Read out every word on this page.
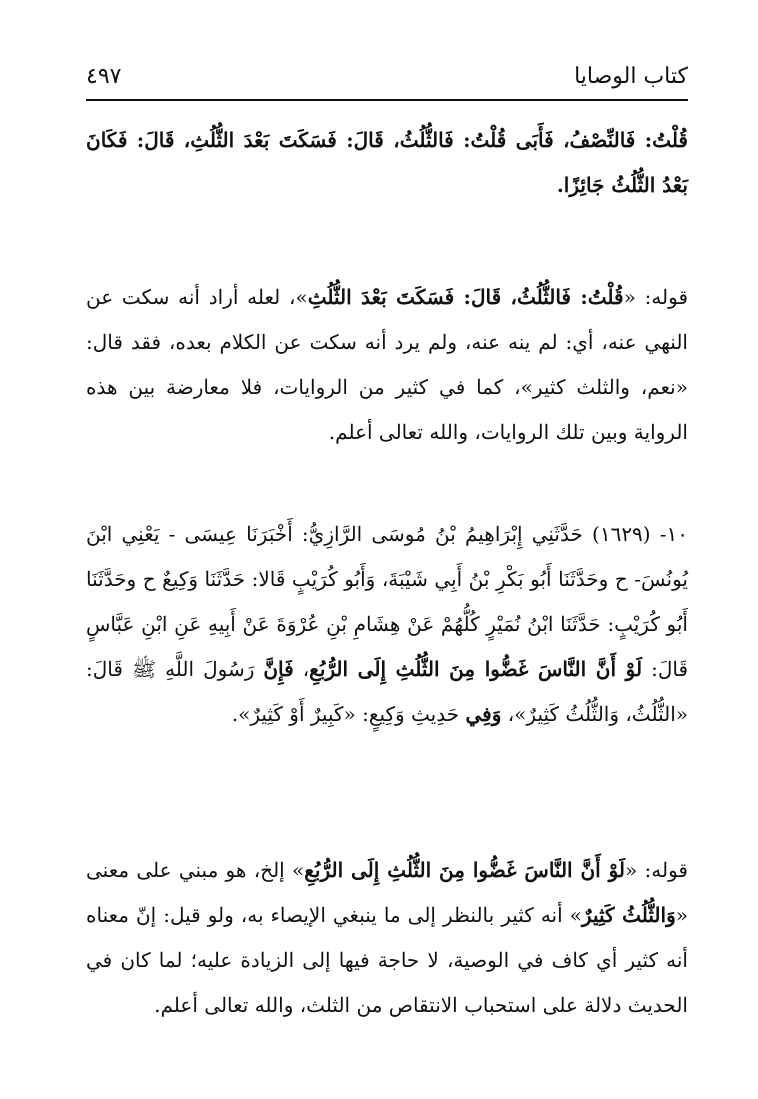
كتاب الوصايا
٤٩٧

قُلْتُ: فَالنِّصْفُ، فَأَبَى قُلْتُ: فَالثُّلُثُ، قَالَ: فَسَكَتَ بَعْدَ الثُّلُثِ، قَالَ: فَكَانَ بَعْدُ الثُّلُثُ جَائِزًا.

قوله: «قُلْتُ: فَالثُّلُثُ، قَالَ: فَسَكَتَ بَعْدَ الثُّلُثِ»، لعله أراد أنه سكت عن النهي عنه، أي: لم ينه عنه، ولم يرد أنه سكت عن الكلام بعده، فقد قال: «نعم، والثلث كثير»، كما في كثير من الروايات، فلا معارضة بين هذه الرواية وبين تلك الروايات، والله تعالى أعلم.

١٠- (١٦٢٩) حَدَّثَنِي إِبْرَاهِيمُ بْنُ مُوسَى الرَّازِيُّ: أَخْبَرَنَا عِيسَى - يَعْنِي ابْنَ يُونُسَ- ح وحَدَّثَنَا أَبُو بَكْرِ بْنُ أَبِي شَيْبَةَ، وَأَبُو كُرَيْبٍ قَالا: حَدَّثَنَا وَكِيعٌ ح وحَدَّثَنَا أَبُو كُرَيْبٍ: حَدَّثَنَا ابْنُ نُمَيْرٍ كُلُّهُمْ عَنْ هِشَامِ بْنِ عُرْوَةَ عَنْ أَبِيهِ عَنِ ابْنِ عَبَّاسٍ قَالَ: لَوْ أَنَّ النَّاسَ غَضُّوا مِنَ الثُّلُثِ إِلَى الرُّبُعِ، فَإِنَّ رَسُولَ اللَّهِ ﷺ قَالَ: «الثُّلُثُ، وَالثُّلُثُ كَثِيرٌ»، وَفِي حَدِيثِ وَكِيعٍ: «كَبِيرٌ أَوْ كَثِيرٌ».

قوله: «لَوْ أَنَّ النَّاسَ غَضُّوا مِنَ الثُّلُثِ إِلَى الرُّبُعِ» إلخ، هو مبني على معنى «وَالثُّلُثُ كَثِيرٌ» أنه كثير بالنظر إلى ما ينبغي الإيصاء به، ولو قيل: إنّ معناه أنه كثير أي كاف في الوصية، لا حاجة فيها إلى الزيادة عليه؛ لما كان في الحديث دلالة على استحباب الانتقاص من الثلث، والله تعالى أعلم.
